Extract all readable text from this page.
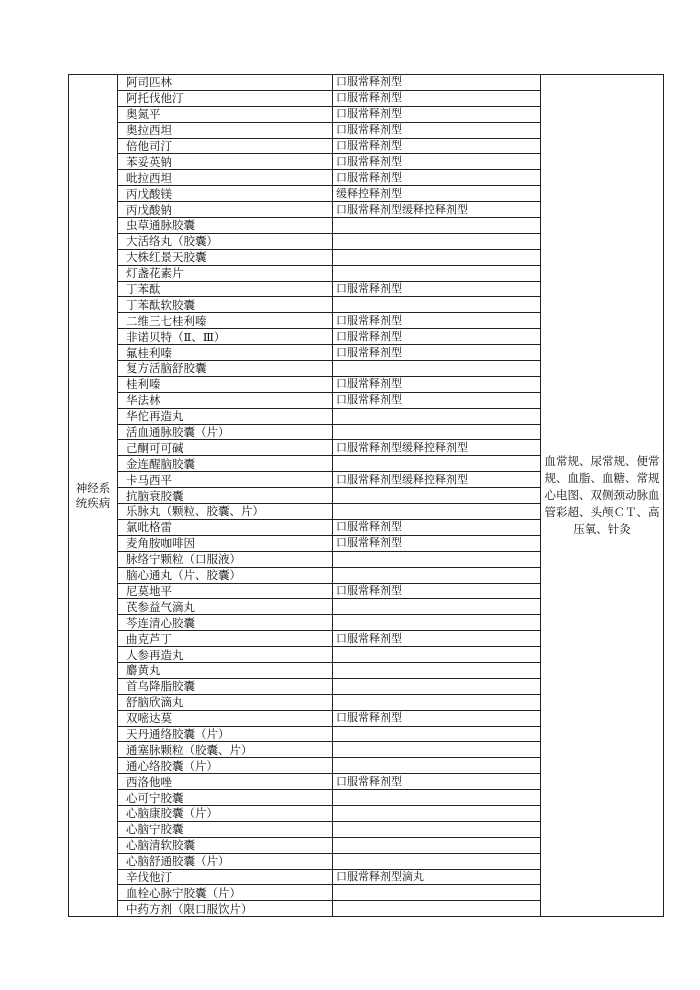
神经系统疾病	阿司匹林	口服常释剂型	血常规、尿常规、便常规、血脂、血糖、常规心电图、双侧颈动脉血管彩超、头颅ＣＴ、高压氧、针灸
	阿托伐他汀	口服常释剂型	
	奥氮平	口服常释剂型	
	奥拉西坦	口服常释剂型	
	倍他司汀	口服常释剂型	
	苯妥英钠	口服常释剂型	
	吡拉西坦	口服常释剂型	
	丙戊酸镁	缓释控释剂型	
	丙戊酸钠	口服常释剂型缓释控释剂型	
	虫草通脉胶囊		
	大活络丸（胶囊）		
	大株红景天胶囊		
	灯盏花素片		
	丁苯酞	口服常释剂型	
	丁苯酞软胶囊		
	二维三七桂利嗪	口服常释剂型	
	非诺贝特（Ⅱ、Ⅲ）	口服常释剂型	
	氟桂利嗪	口服常释剂型	
	复方活脑舒胶囊		
	桂利嗪	口服常释剂型	
	华法林	口服常释剂型	
	华佗再造丸		
	活血通脉胶囊（片）		
	己酮可可碱	口服常释剂型缓释控释剂型	
	金连醒脑胶囊		
	卡马西平	口服常释剂型缓释控释剂型	
	抗脑衰胶囊		
	乐脉丸（颗粒、胶囊、片）		
	氯吡格雷	口服常释剂型	
	麦角胺咖啡因	口服常释剂型	
	脉络宁颗粒（口服液）		
	脑心通丸（片、胶囊）		
	尼莫地平	口服常释剂型	
	芪参益气滴丸		
	芩连清心胶囊		
	曲克芦丁	口服常释剂型	
	人参再造丸		
	麝黄丸		
	首乌降脂胶囊		
	舒脑欣滴丸		
	双嘧达莫	口服常释剂型	
	天丹通络胶囊（片）		
	通塞脉颗粒（胶囊、片）		
	通心络胶囊（片）		
	西洛他唑	口服常释剂型	
	心可宁胶囊		
	心脑康胶囊（片）		
	心脑宁胶囊		
	心脑清软胶囊		
	心脑舒通胶囊（片）		
	辛伐他汀	口服常释剂型滴丸	
	血栓心脉宁胶囊（片）		
	中药方剂（限口服饮片）		
